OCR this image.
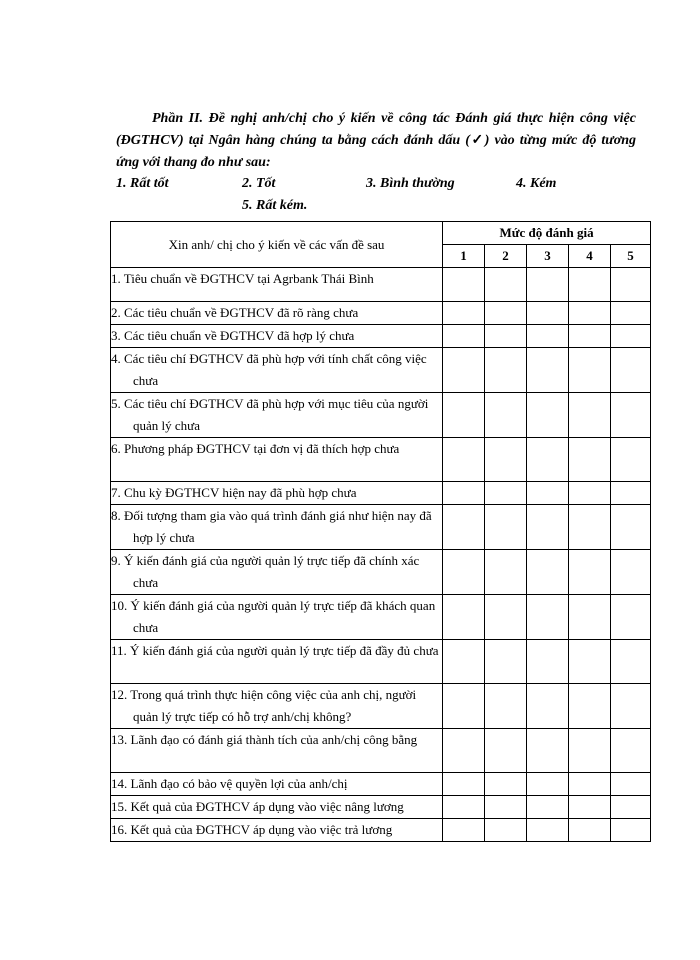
Phần II. Đề nghị anh/chị cho ý kiến về công tác Đánh giá thực hiện công việc (ĐGTHCV) tại Ngân hàng chúng ta bằng cách đánh dấu (✓) vào từng mức độ tương ứng với thang đo như sau:

1. Rất tốt	2. Tốt	3. Bình thường	4. Kém
5. Rất kém.
Xin anh/ chị cho ý kiến về các vấn đề sau	Mức độ đánh giá				
	1	2	3	4	5

1. Tiêu chuẩn về ĐGTHCV tại Agrbank Thái Bình					

2. Các tiêu chuẩn về ĐGTHCV đã rõ ràng chưa					

3. Các tiêu chuẩn về ĐGTHCV đã hợp lý chưa					

4. Các tiêu chí ĐGTHCV đã phù hợp với tính chất công việc chưa					

5. Các tiêu chí ĐGTHCV đã phù hợp với mục tiêu của người quản lý chưa					

6. Phương pháp ĐGTHCV tại đơn vị đã thích hợp chưa					

7. Chu kỳ ĐGTHCV hiện nay đã phù hợp chưa					

8. Đối tượng tham gia vào quá trình đánh giá như hiện nay đã hợp lý chưa					

9. Ý kiến đánh giá của người quản lý trực tiếp đã chính xác chưa					

10. Ý kiến đánh giá của người quản lý trực tiếp đã khách quan chưa					

11. Ý kiến đánh giá của người quản lý trực tiếp đã đầy đủ chưa					

12. Trong quá trình thực hiện công việc của anh chị, người quản lý trực tiếp có hỗ trợ anh/chị không?					

13. Lãnh đạo có đánh giá thành tích của anh/chị công bằng					

14. Lãnh đạo có bảo vệ quyền lợi của anh/chị					

15. Kết quả của ĐGTHCV áp dụng vào việc nâng lương					

16. Kết quả của ĐGTHCV áp dụng vào việc trả lương					
